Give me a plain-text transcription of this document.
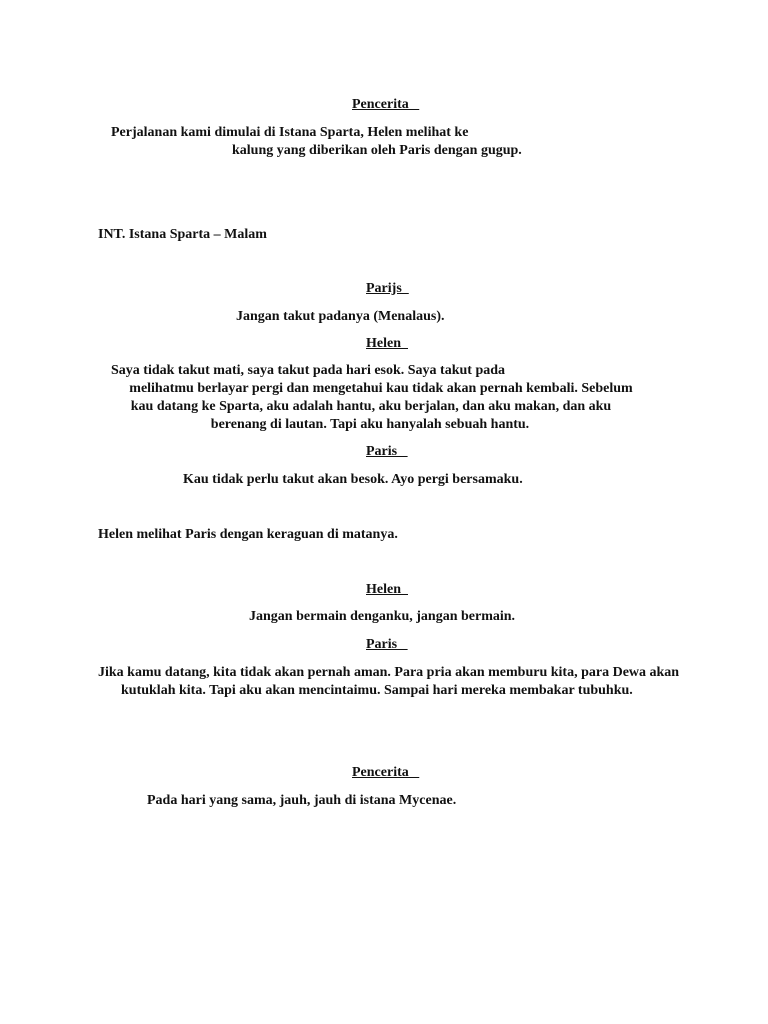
Pencerita
Perjalanan kami dimulai di Istana Sparta, Helen melihat ke
kalung yang diberikan oleh Paris dengan gugup.
INT. Istana Sparta – Malam
Parijs
Jangan takut padanya (Menalaus).
Helen
Saya tidak takut mati, saya takut pada hari esok. Saya takut pada
melihatmu berlayar pergi dan mengetahui kau tidak akan pernah kembali. Sebelum
kau datang ke Sparta, aku adalah hantu, aku berjalan, dan aku makan, dan aku
berenang di lautan. Tapi aku hanyalah sebuah hantu.
Paris
Kau tidak perlu takut akan besok. Ayo pergi bersamaku.
Helen melihat Paris dengan keraguan di matanya.
Helen
Jangan bermain denganku, jangan bermain.
Paris
Jika kamu datang, kita tidak akan pernah aman. Para pria akan memburu kita, para Dewa akan
kutuklah kita. Tapi aku akan mencintaimu. Sampai hari mereka membakar tubuhku.
Pencerita
Pada hari yang sama, jauh, jauh di istana Mycenae.
